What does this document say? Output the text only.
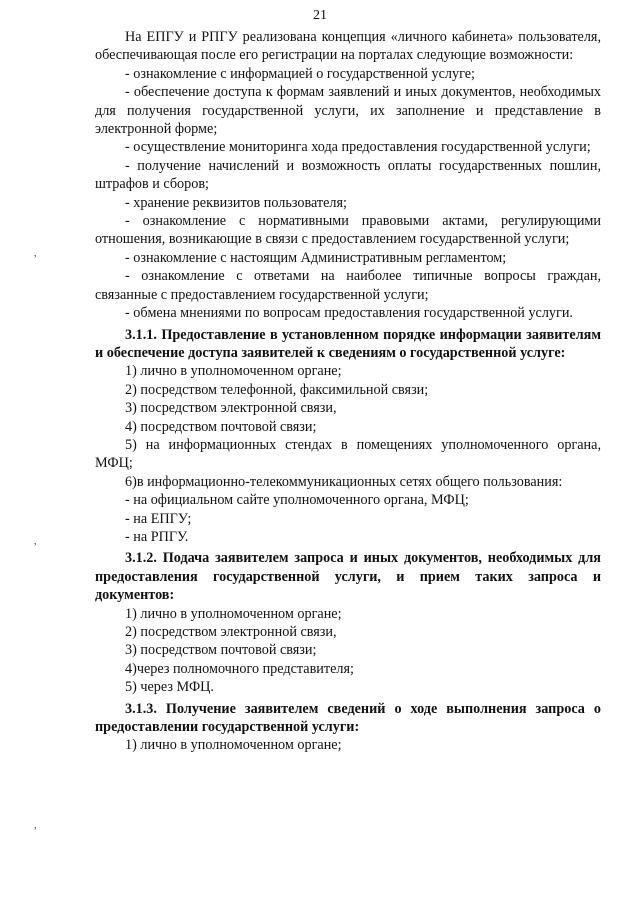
21
,
,
,

На ЕПГУ и РПГУ реализована концепция «личного кабинета» пользователя, обеспечивающая после его регистрации на порталах следующие возможности:

- ознакомление с информацией о государственной услуге;

- обеспечение доступа к формам заявлений и иных документов, необходимых для получения государственной услуги, их заполнение и представление в электронной форме;

- осуществление мониторинга хода предоставления государственной услуги;

- получение начислений и возможность оплаты государственных пошлин, штрафов и сборов;

- хранение реквизитов пользователя;

- ознакомление с нормативными правовыми актами, регулирующими отношения, возникающие в связи с предоставлением государственной услуги;

- ознакомление с настоящим Административным регламентом;

- ознакомление с ответами на наиболее типичные вопросы граждан, связанные с предоставлением государственной услуги;

- обмена мнениями по вопросам предоставления государственной услуги.

3.1.1. Предоставление в установленном порядке информации заявителям и обеспечение доступа заявителей к сведениям о государственной услуге:

1) лично в уполномоченном органе;

2) посредством телефонной, факсимильной связи;

3) посредством электронной связи,

4) посредством почтовой связи;

5) на информационных стендах в помещениях уполномоченного органа, МФЦ;

6)в информационно-телекоммуникационных сетях общего пользования:

- на официальном сайте уполномоченного органа, МФЦ;

- на ЕПГУ;

- на РПГУ.

3.1.2. Подача заявителем запроса и иных документов, необходимых для предоставления государственной услуги, и прием таких запроса и документов:

1) лично в уполномоченном органе;

2) посредством электронной связи,

3) посредством почтовой связи;

4)через полномочного представителя;

5) через МФЦ.

3.1.3. Получение заявителем сведений о ходе выполнения запроса о предоставлении государственной услуги:

1) лично в уполномоченном органе;
